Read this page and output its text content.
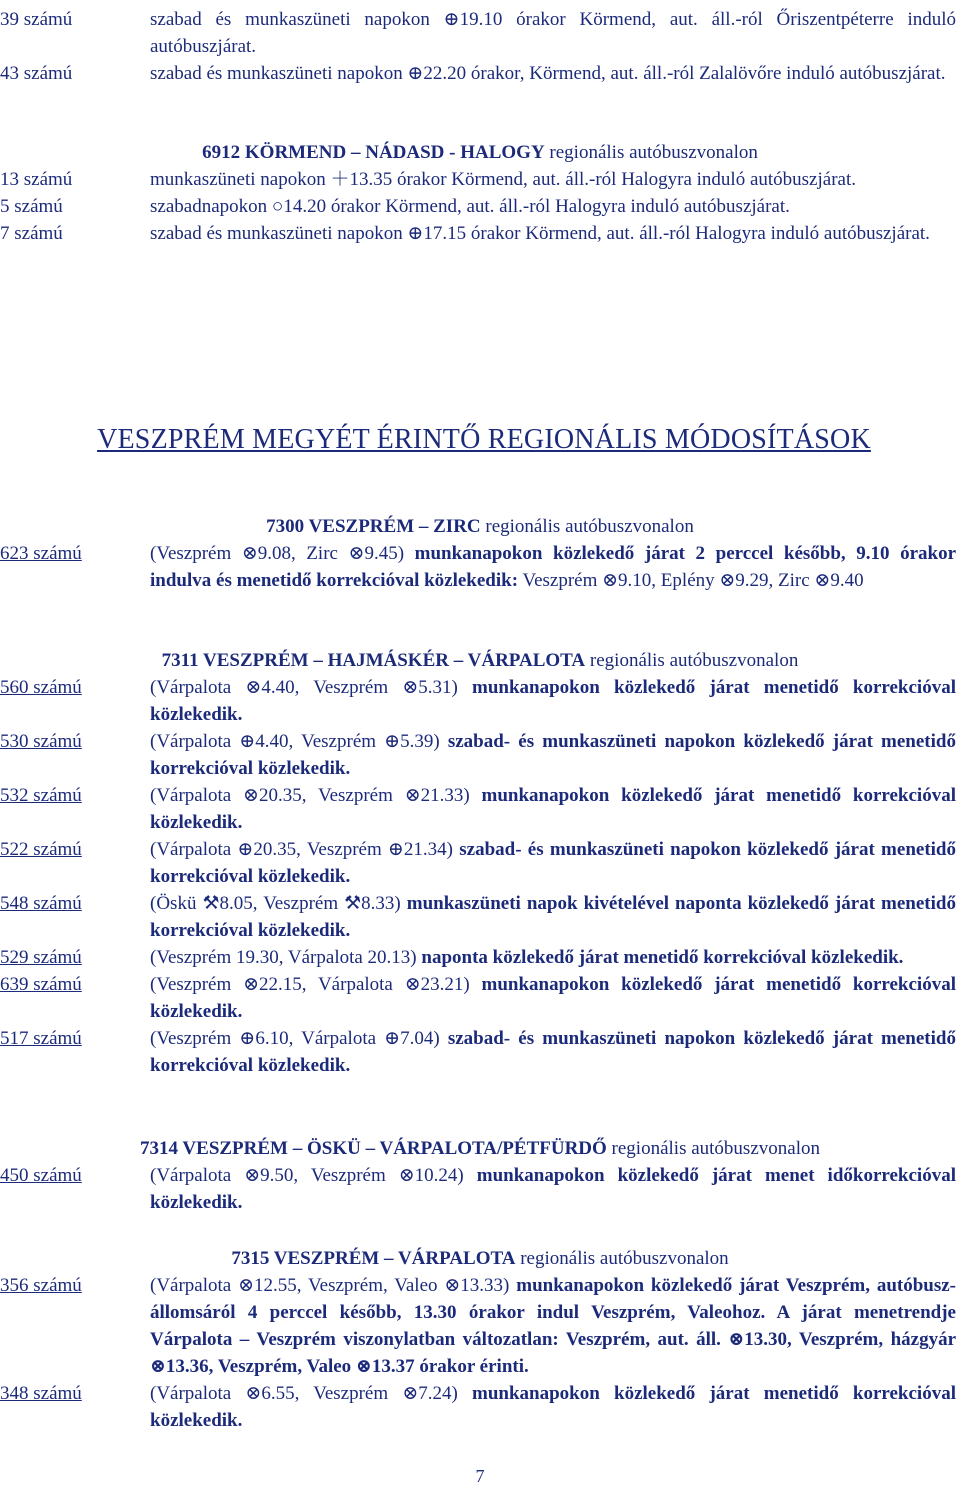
39 számú	szabad és munkaszüneti napokon ⊕19.10 órakor Körmend, aut. áll.-ról Őriszentpéterre induló autóbuszjárat.
43 számú	szabad és munkaszüneti napokon ⊕22.20 órakor, Körmend, aut. áll.-ról Zalalövőre induló autóbuszjárat.
6912 KÖRMEND – NÁDASD - HALOGY regionális autóbuszvonalon
13 számú	munkaszüneti napokon ＋13.35 órakor Körmend, aut. áll.-ról Halogyra induló autóbuszjárat.
5 számú	szabadnapokon ○14.20 órakor Körmend, aut. áll.-ról Halogyra induló autóbuszjárat.
7 számú	szabad és munkaszüneti napokon ⊕17.15 órakor Körmend, aut. áll.-ról Halogyra induló autóbuszjárat.
VESZPRÉM MEGYÉT ÉRINTŐ REGIONÁLIS MÓDOSÍTÁSOK
7300 VESZPRÉM – ZIRC regionális autóbuszvonalon
623 számú	(Veszprém ⊗9.08, Zirc ⊗9.45) munkanapokon közlekedő járat 2 perccel később, 9.10 órakor indulva és menetidő korrekcióval közlekedik: Veszprém ⊗9.10, Eplény ⊗9.29, Zirc ⊗9.40
7311 VESZPRÉM – HAJMÁSKÉR – VÁRPALOTA regionális autóbuszvonalon
560 számú	(Várpalota ⊗4.40, Veszprém ⊗5.31) munkanapokon közlekedő járat menetidő korrekcióval közlekedik.
530 számú	(Várpalota ⊕4.40, Veszprém ⊕5.39) szabad- és munkaszüneti napokon közlekedő járat menetidő korrekcióval közlekedik.
532 számú	(Várpalota ⊗20.35, Veszprém ⊗21.33) munkanapokon közlekedő járat menetidő korrekcióval közlekedik.
522 számú	(Várpalota ⊕20.35, Veszprém ⊕21.34) szabad- és munkaszüneti napokon közlekedő járat menetidő korrekcióval közlekedik.
548 számú	(Öskü ⚒8.05, Veszprém ⚒8.33) munkaszüneti napok kivételével naponta közlekedő járat menetidő korrekcióval közlekedik.
529 számú	(Veszprém 19.30, Várpalota 20.13) naponta közlekedő járat menetidő korrekcióval közlekedik.
639 számú	(Veszprém ⊗22.15, Várpalota ⊗23.21) munkanapokon közlekedő járat menetidő korrekcióval közlekedik.
517 számú	(Veszprém ⊕6.10, Várpalota ⊕7.04) szabad- és munkaszüneti napokon közlekedő járat menetidő korrekcióval közlekedik.
7314 VESZPRÉM – ÖSKÜ – VÁRPALOTA/PÉTFÜRDŐ regionális autóbuszvonalon
450 számú	(Várpalota ⊗9.50, Veszprém ⊗10.24) munkanapokon közlekedő járat menet időkorrekcióval közlekedik.
7315 VESZPRÉM – VÁRPALOTA regionális autóbuszvonalon
356 számú	(Várpalota ⊗12.55, Veszprém, Valeo ⊗13.33) munkanapokon közlekedő járat Veszprém, autóbusz-állomsáról 4 perccel később, 13.30 órakor indul Veszprém, Valeohoz. A járat menetrendje Várpalota – Veszprém viszonylatban változatlan: Veszprém, aut. áll. ⊗13.30, Veszprém, házgyár ⊗13.36, Veszprém, Valeo ⊗13.37 órakor érinti.
348 számú	(Várpalota ⊗6.55, Veszprém ⊗7.24) munkanapokon közlekedő járat menetidő korrekcióval közlekedik.
7
